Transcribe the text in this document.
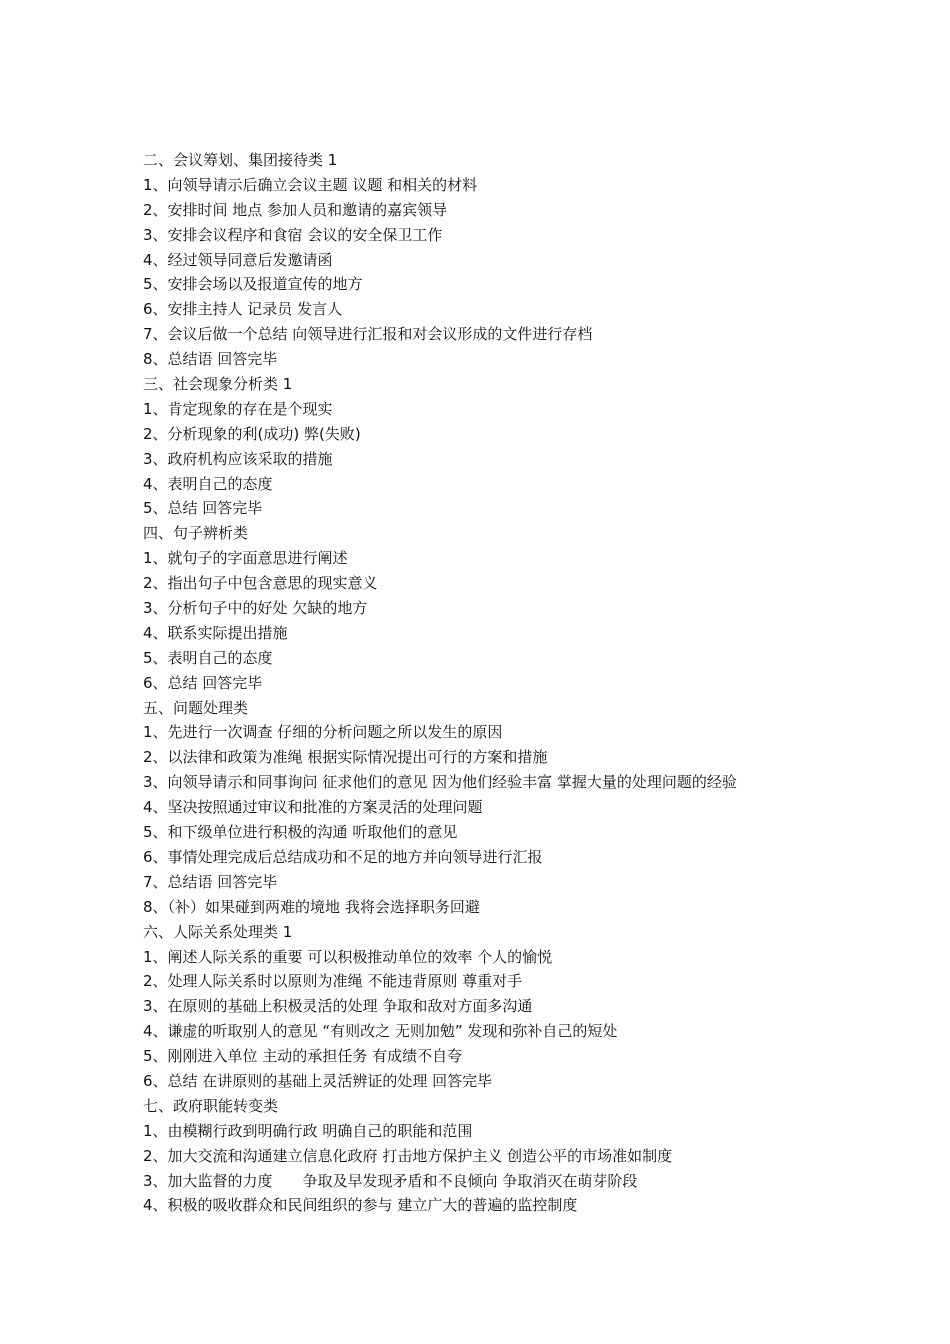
二、会议筹划、集团接待类 1
1、向领导请示后确立会议主题 议题 和相关的材料
2、安排时间 地点 参加人员和邀请的嘉宾领导
3、安排会议程序和食宿 会议的安全保卫工作
4、经过领导同意后发邀请函
5、安排会场以及报道宣传的地方
6、安排主持人 记录员 发言人
7、会议后做一个总结 向领导进行汇报和对会议形成的文件进行存档
8、总结语 回答完毕
三、社会现象分析类 1
1、肯定现象的存在是个现实
2、分析现象的利(成功) 弊(失败)
3、政府机构应该采取的措施
4、表明自己的态度
5、总结 回答完毕
四、句子辨析类
1、就句子的字面意思进行阐述
2、指出句子中包含意思的现实意义
3、分析句子中的好处 欠缺的地方
4、联系实际提出措施
5、表明自己的态度
6、总结 回答完毕
五、问题处理类
1、先进行一次调查 仔细的分析问题之所以发生的原因
2、以法律和政策为准绳 根据实际情况提出可行的方案和措施
3、向领导请示和同事询问 征求他们的意见 因为他们经验丰富 掌握大量的处理问题的经验
4、坚决按照通过审议和批准的方案灵活的处理问题
5、和下级单位进行积极的沟通 听取他们的意见
6、事情处理完成后总结成功和不足的地方并向领导进行汇报
7、总结语 回答完毕
8、（补）如果碰到两难的境地 我将会选择职务回避
六、人际关系处理类 1
1、阐述人际关系的重要 可以积极推动单位的效率 个人的愉悦
2、处理人际关系时以原则为准绳 不能违背原则 尊重对手
3、在原则的基础上积极灵活的处理 争取和敌对方面多沟通
4、谦虚的听取别人的意见 “有则改之 无则加勉” 发现和弥补自己的短处
5、刚刚进入单位 主动的承担任务 有成绩不自夸
6、总结 在讲原则的基础上灵活辨证的处理 回答完毕
七、政府职能转变类
1、由模糊行政到明确行政 明确自己的职能和范围
2、加大交流和沟通建立信息化政府 打击地方保护主义 创造公平的市场准如制度
3、加大监督的力度　　争取及早发现矛盾和不良倾向 争取消灭在萌芽阶段
4、积极的吸收群众和民间组织的参与 建立广大的普遍的监控制度
